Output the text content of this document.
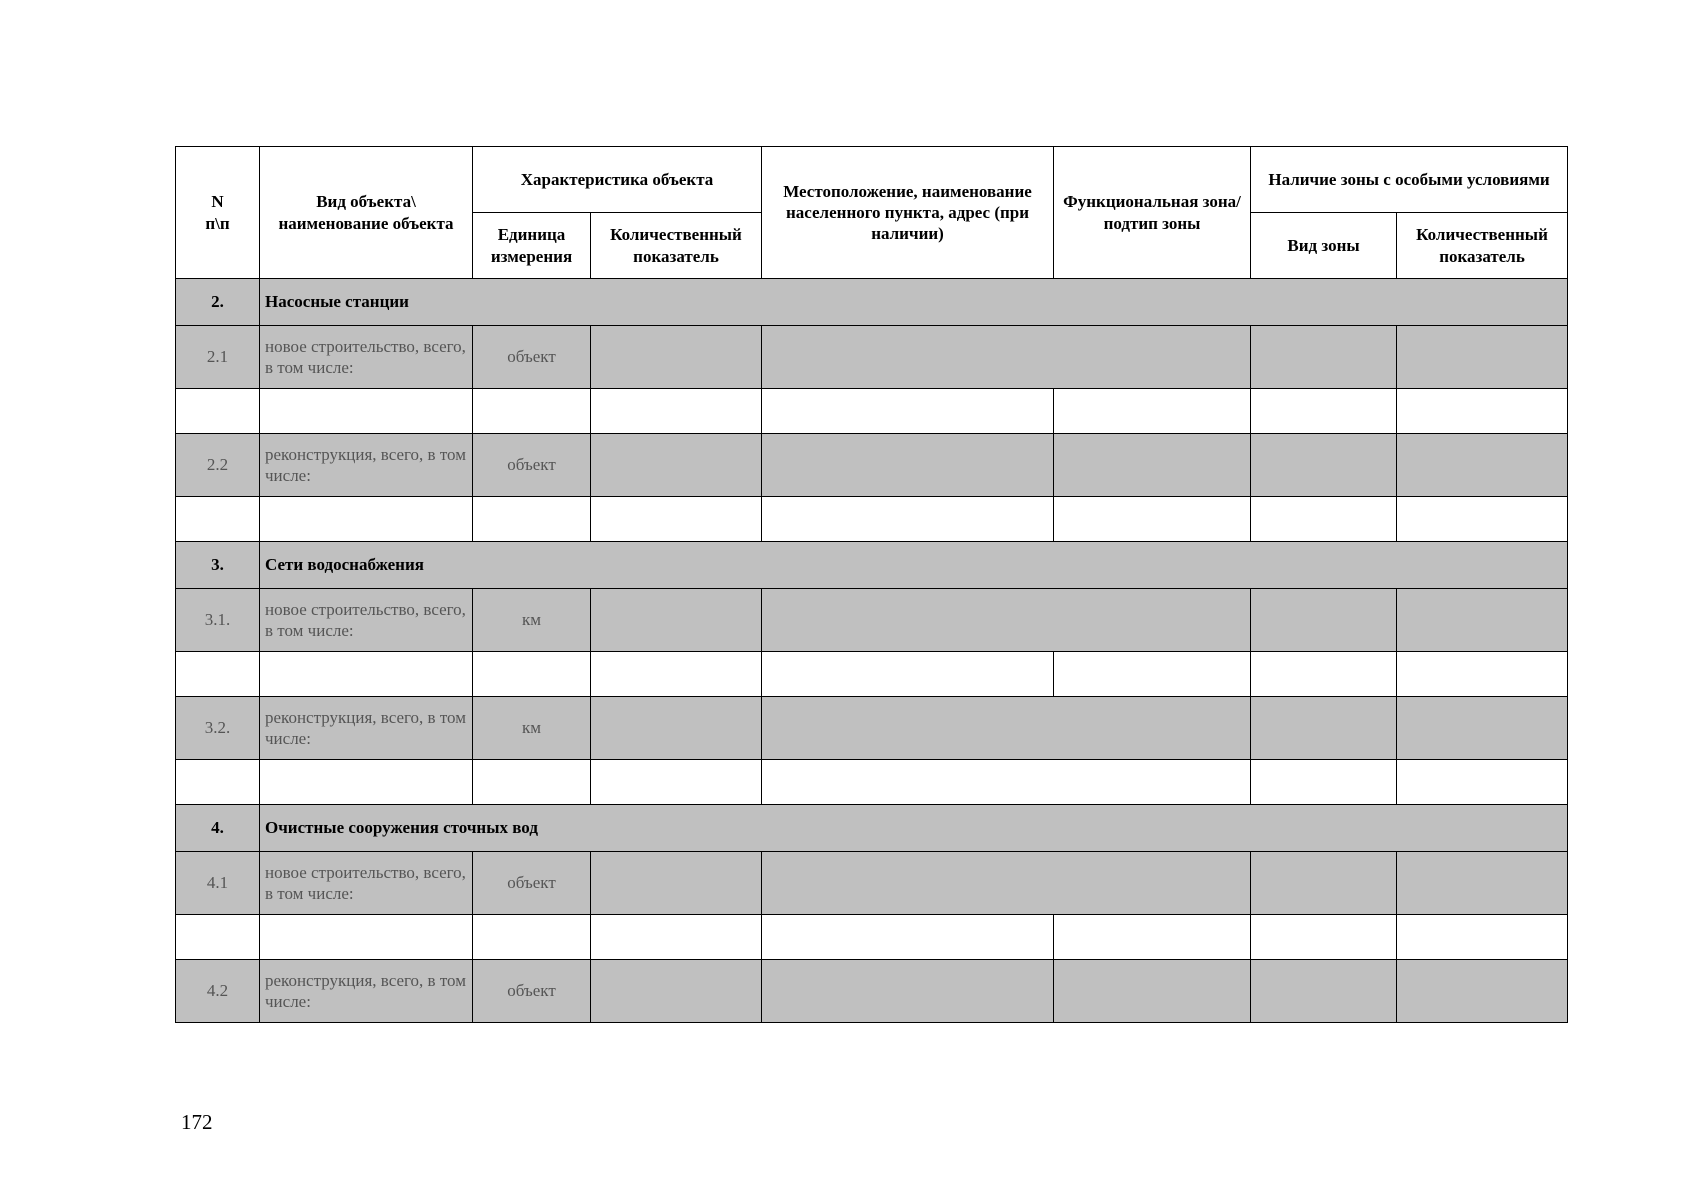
N
п\п	Вид объекта\ наименование объекта	Характеристика объекта		Местоположение, наименование населенного пункта, адрес (при наличии)	Функциональная зона/ подтип зоны	Наличие зоны с особыми условиями	
		Единица измерения	Количественный показатель			Вид зоны	Количественный показатель
2.	Насосные станции						
2.1	новое строительство, всего, в том числе:	объект					

2.2	реконструкция, всего, в том числе:	объект					

3.	Сети водоснабжения						
3.1.	новое строительство, всего, в том числе:	км					

3.2.	реконструкция, всего, в том числе:	км					

4.	Очистные сооружения сточных вод						
4.1	новое строительство, всего, в том числе:	объект					

4.2	реконструкция, всего, в том числе:	объект					
172
